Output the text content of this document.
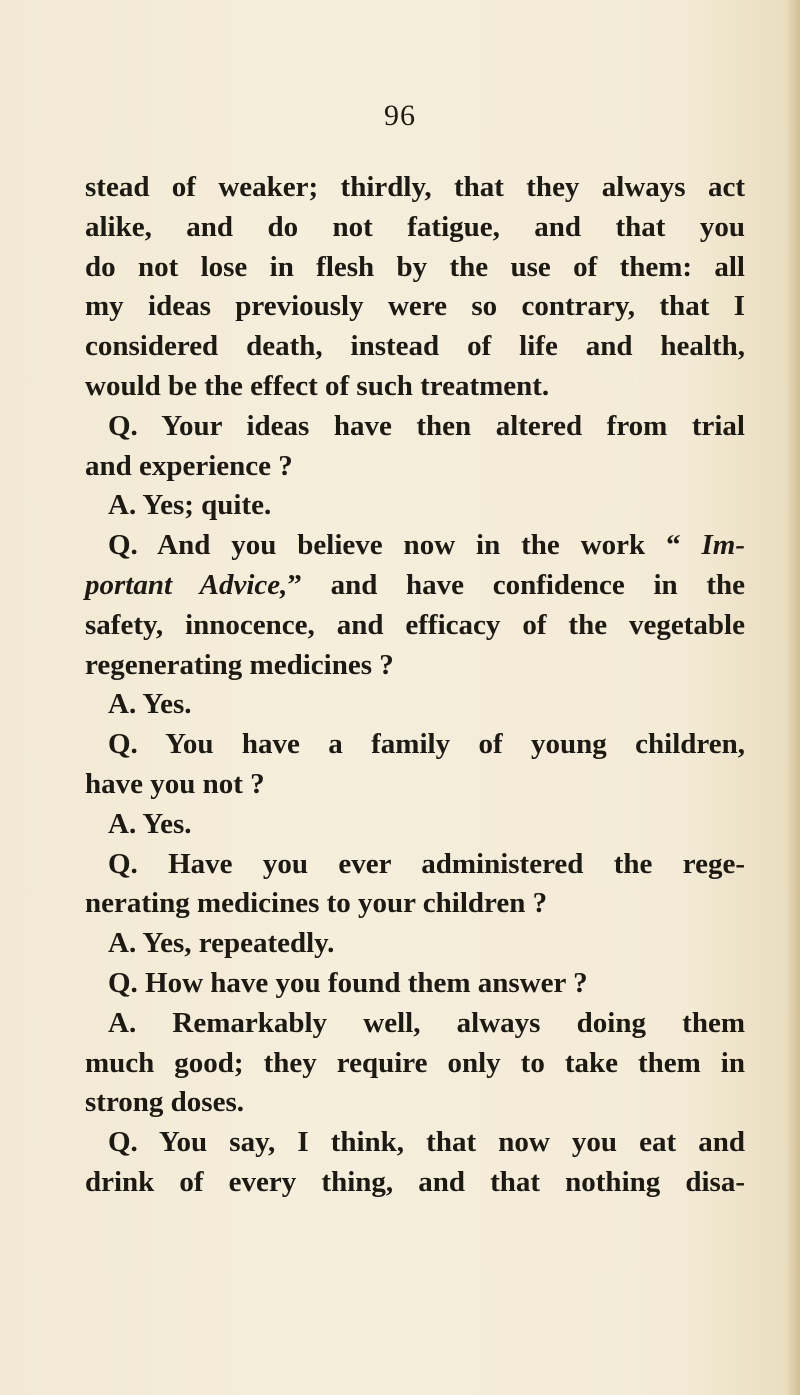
96
stead of weaker; thirdly, that they always act
alike, and do not fatigue, and that you
do not lose in flesh by the use of them: all
my ideas previously were so contrary, that I
considered death, instead of life and health,
would be the effect of such treatment.
Q. Your ideas have then altered from trial
and experience ?
A. Yes; quite.
Q. And you believe now in the work “ Im-
portant Advice,” and have confidence in the
safety, innocence, and efficacy of the vegetable
regenerating medicines ?
A. Yes.
Q. You have a family of young children,
have you not ?
A. Yes.
Q. Have you ever administered the rege-
nerating medicines to your children ?
A. Yes, repeatedly.
Q. How have you found them answer ?
A. Remarkably well, always doing them
much good; they require only to take them in
strong doses.
Q. You say, I think, that now you eat and
drink of every thing, and that nothing disa-
